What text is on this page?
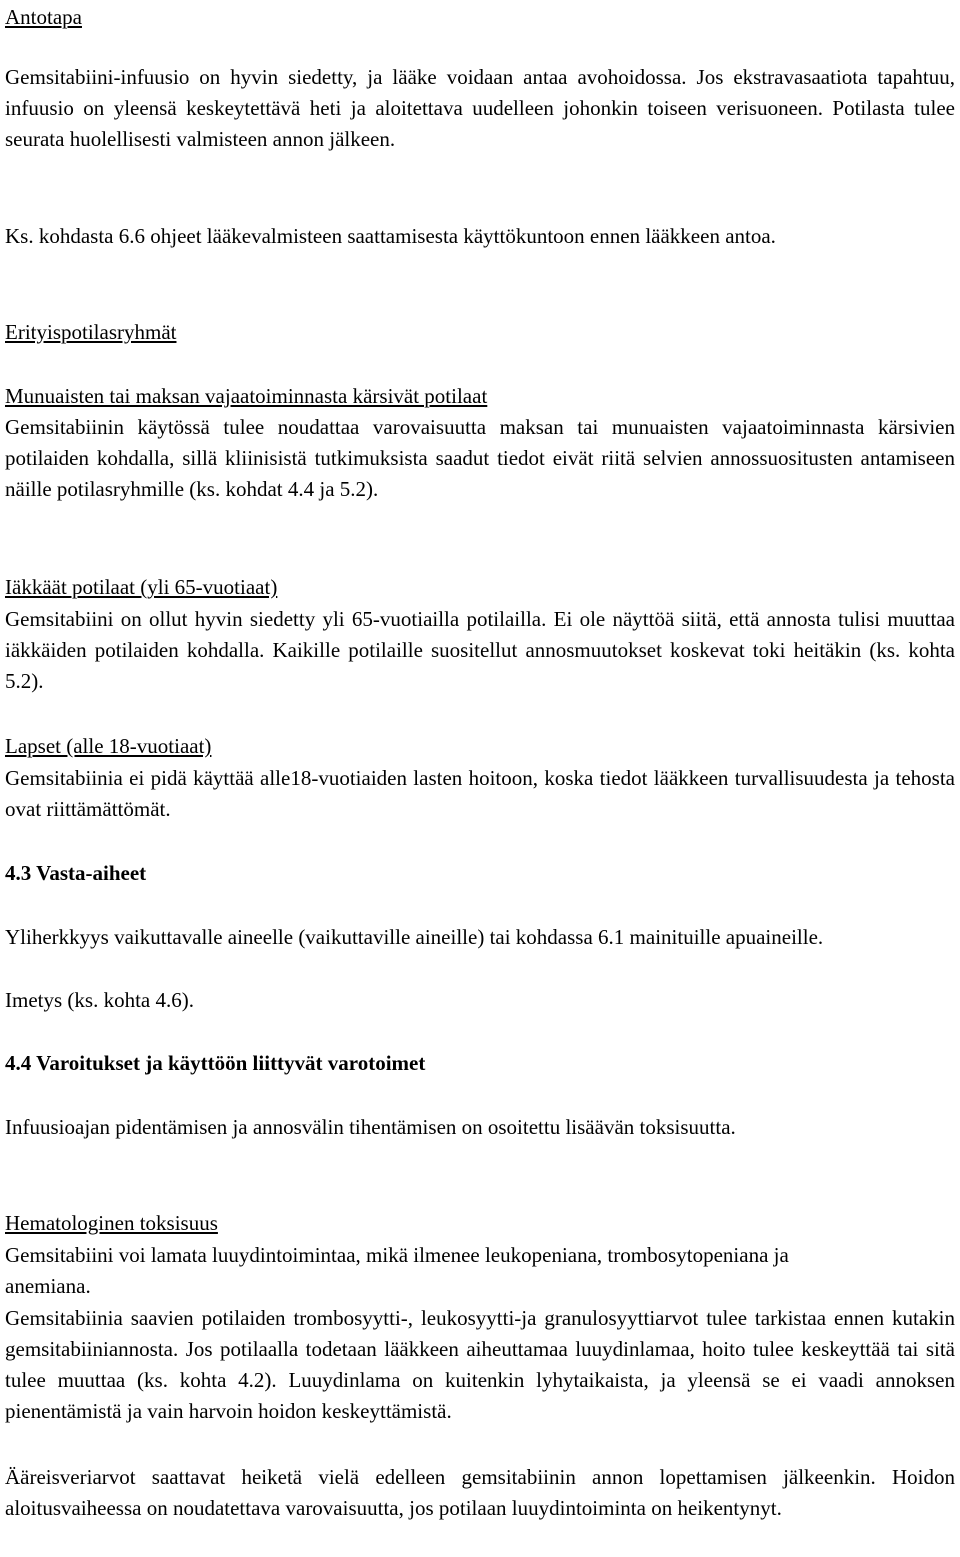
Antotapa

Gemsitabiini-infuusio on hyvin siedetty, ja lääke voidaan antaa avohoidossa. Jos ekstravasaatiota tapahtuu, infuusio on yleensä keskeytettävä heti ja aloitettava uudelleen johonkin toiseen verisuoneen. Potilasta tulee seurata huolellisesti valmisteen annon jälkeen.

Ks. kohdasta 6.6 ohjeet lääkevalmisteen saattamisesta käyttökuntoon ennen lääkkeen antoa.

Erityispotilasryhmät

Munuaisten tai maksan vajaatoiminnasta kärsivät potilaat

Gemsitabiinin käytössä tulee noudattaa varovaisuutta maksan tai munuaisten vajaatoiminnasta kärsivien potilaiden kohdalla, sillä kliinisistä tutkimuksista saadut tiedot eivät riitä selvien annossuositusten antamiseen näille potilasryhmille (ks. kohdat 4.4 ja 5.2).

Iäkkäät potilaat (yli 65-vuotiaat)

Gemsitabiini on ollut hyvin siedetty yli 65-vuotiailla potilailla. Ei ole näyttöä siitä, että annosta tulisi muuttaa iäkkäiden potilaiden kohdalla. Kaikille potilaille suositellut annosmuutokset koskevat toki heitäkin (ks. kohta 5.2).

Lapset (alle 18-vuotiaat)

Gemsitabiinia ei pidä käyttää alle18-vuotiaiden lasten hoitoon, koska tiedot lääkkeen turvallisuudesta ja tehosta ovat riittämättömät.

4.3 Vasta-aiheet

Yliherkkyys vaikuttavalle aineelle (vaikuttaville aineille) tai kohdassa 6.1 mainituille apuaineille.

Imetys (ks. kohta 4.6).

4.4 Varoitukset ja käyttöön liittyvät varotoimet

Infuusioajan pidentämisen ja annosvälin tihentämisen on osoitettu lisäävän toksisuutta.

Hematologinen toksisuus

Gemsitabiini voi lamata luuydintoimintaa, mikä ilmenee leukopeniana, trombosytopeniana ja anemiana.

Gemsitabiinia saavien potilaiden trombosyytti-, leukosyytti-ja granulosyyttiarvot tulee tarkistaa ennen kutakin gemsitabiiniannosta. Jos potilaalla todetaan lääkkeen aiheuttamaa luuydinlamaa, hoito tulee keskeyttää tai sitä tulee muuttaa (ks. kohta 4.2). Luuydinlama on kuitenkin lyhytaikaista, ja yleensä se ei vaadi annoksen pienentämistä ja vain harvoin hoidon keskeyttämistä.

Ääreisveriarvot saattavat heiketä vielä edelleen gemsitabiinin annon lopettamisen jälkeenkin. Hoidon aloitusvaiheessa on noudatettava varovaisuutta, jos potilaan luuydintoiminta on heikentynyt.
